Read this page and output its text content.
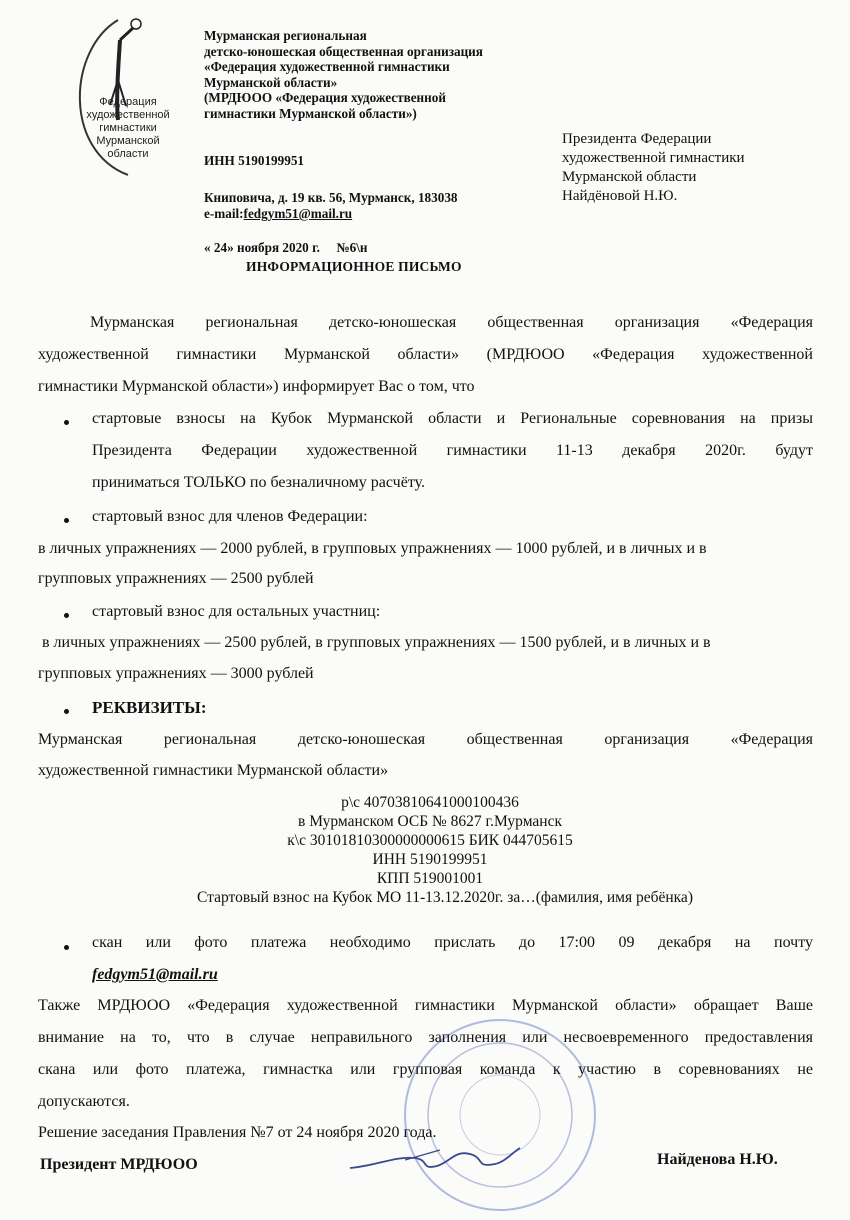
Федерация
художественной
гимнастики
Мурманской области
Мурманская региональная
детско-юношеская общественная организация
«Федерация художественной гимнастики
Мурманской области»
(МРДЮОО «Федерация художественной
гимнастики Мурманской области»)
ИНН 5190199951
Книповича, д. 19 кв. 56, Мурманск, 183038
e-mail:fedgym51@mail.ru
Президента Федерации
художественной гимнастики
Мурманской области
Найдёновой Н.Ю.
« 24» ноября 2020 г. №6\н
ИНФОРМАЦИОННОЕ ПИСЬМО
Мурманская региональная детско-юношеская общественная организация «Федерация
художественной гимнастики Мурманской области» (МРДЮОО «Федерация художественной
гимнастики Мурманской области») информирует Вас о том, что
стартовые взносы на Кубок Мурманской области и Региональные соревнования на призы
Президента Федерации художественной гимнастики 11-13 декабря 2020г. будут
приниматься ТОЛЬКО по безналичному расчёту.
стартовый взнос для членов Федерации:
в личных упражнениях — 2000 рублей, в групповых упражнениях — 1000 рублей, и в личных и в
групповых упражнениях — 2500 рублей
стартовый взнос для остальных участниц:
в личных упражнениях — 2500 рублей, в групповых упражнениях — 1500 рублей, и в личных и в
групповых упражнениях — 3000 рублей
РЕКВИЗИТЫ:
Мурманская региональная детско-юношеская общественная организация «Федерация
художественной гимнастики Мурманской области»
р\с 40703810641000100436
в Мурманском ОСБ № 8627 г.Мурманск
к\с 30101810300000000615 БИК 044705615
ИНН 5190199951
КПП 519001001
Стартовый взнос на Кубок МО 11-13.12.2020г. за…(фамилия, имя ребёнка)
скан или фото платежа необходимо прислать до 17:00 09 декабря на почту
fedgym51@mail.ru
Также МРДЮОО «Федерация художественной гимнастики Мурманской области» обращает Ваше
внимание на то, что в случае неправильного заполнения или несвоевременного предоставления
скана или фото платежа, гимнастка или групповая команда к участию в соревнованиях не
допускаются.
Решение заседания Правления №7 от 24 ноября 2020 года.
Президент МРДЮОО	Найденова Н.Ю.
